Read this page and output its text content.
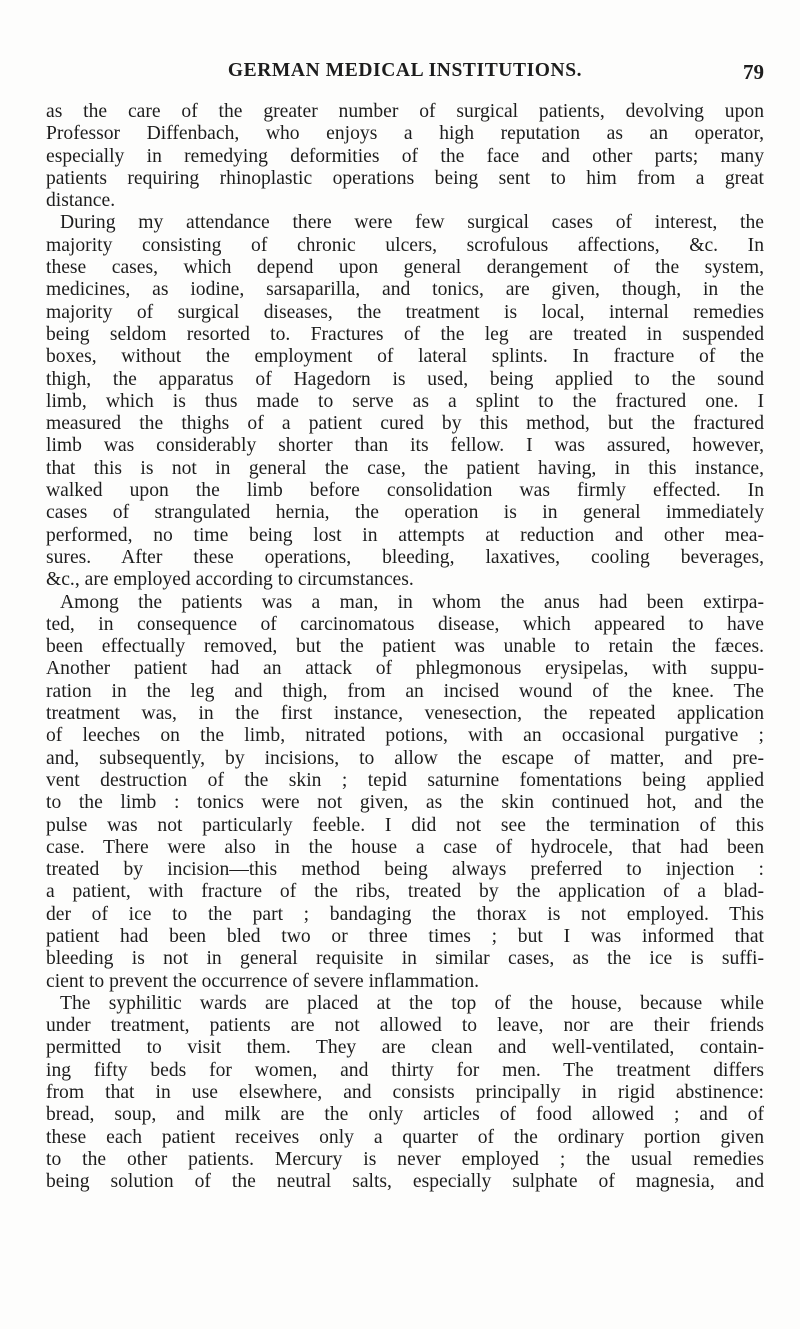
GERMAN MEDICAL INSTITUTIONS.	79
as the care of the greater number of surgical patients, devolving upon
Professor Diffenbach, who enjoys a high reputation as an operator,
especially in remedying deformities of the face and other parts; many
patients requiring rhinoplastic operations being sent to him from a great
distance.
During my attendance there were few surgical cases of interest, the
majority consisting of chronic ulcers, scrofulous affections, &c. In
these cases, which depend upon general derangement of the system,
medicines, as iodine, sarsaparilla, and tonics, are given, though, in the
majority of surgical diseases, the treatment is local, internal remedies
being seldom resorted to. Fractures of the leg are treated in suspended
boxes, without the employment of lateral splints. In fracture of the
thigh, the apparatus of Hagedorn is used, being applied to the sound
limb, which is thus made to serve as a splint to the fractured one. I
measured the thighs of a patient cured by this method, but the fractured
limb was considerably shorter than its fellow. I was assured, however,
that this is not in general the case, the patient having, in this instance,
walked upon the limb before consolidation was firmly effected. In
cases of strangulated hernia, the operation is in general immediately
performed, no time being lost in attempts at reduction and other mea-
sures. After these operations, bleeding, laxatives, cooling beverages,
&c., are employed according to circumstances.
Among the patients was a man, in whom the anus had been extirpa-
ted, in consequence of carcinomatous disease, which appeared to have
been effectually removed, but the patient was unable to retain the fæces.
Another patient had an attack of phlegmonous erysipelas, with suppu-
ration in the leg and thigh, from an incised wound of the knee. The
treatment was, in the first instance, venesection, the repeated application
of leeches on the limb, nitrated potions, with an occasional purgative ;
and, subsequently, by incisions, to allow the escape of matter, and pre-
vent destruction of the skin ; tepid saturnine fomentations being applied
to the limb : tonics were not given, as the skin continued hot, and the
pulse was not particularly feeble. I did not see the termination of this
case. There were also in the house a case of hydrocele, that had been
treated by incision—this method being always preferred to injection :
a patient, with fracture of the ribs, treated by the application of a blad-
der of ice to the part ; bandaging the thorax is not employed. This
patient had been bled two or three times ; but I was informed that
bleeding is not in general requisite in similar cases, as the ice is suffi-
cient to prevent the occurrence of severe inflammation.
The syphilitic wards are placed at the top of the house, because while
under treatment, patients are not allowed to leave, nor are their friends
permitted to visit them. They are clean and well-ventilated, contain-
ing fifty beds for women, and thirty for men. The treatment differs
from that in use elsewhere, and consists principally in rigid abstinence:
bread, soup, and milk are the only articles of food allowed ; and of
these each patient receives only a quarter of the ordinary portion given
to the other patients. Mercury is never employed ; the usual remedies
being solution of the neutral salts, especially sulphate of magnesia, and
